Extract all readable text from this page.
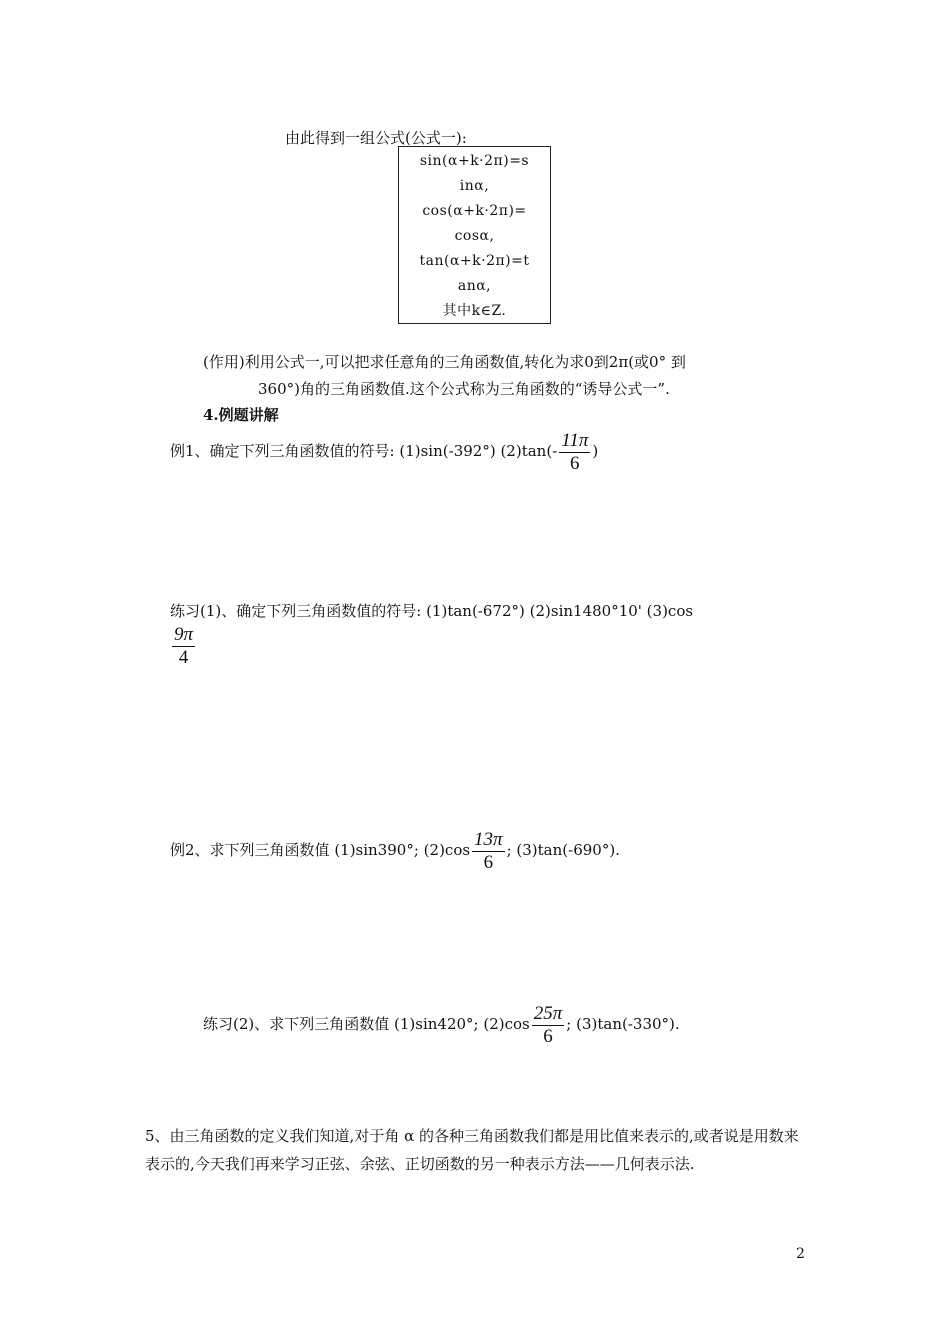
由此得到一组公式(公式一):
sin(α+k·2π)=s
inα,
cos(α+k·2π)=
cosα,
tan(α+k·2π)=t
anα,
其中k∈Z.
(作用)利用公式一,可以把求任意角的三角函数值,转化为求0到2π(或0° 到
360°)角的三角函数值.这个公式称为三角函数的“诱导公式一”.
4.例题讲解
例1、确定下列三角函数值的符号: (1)sin(-392°) $(2)\tan(- \frac{11\pi}{6}$ )
练习(1)、确定下列三角函数值的符号: (1)tan(-672°) (2)sin1480°10' (3)cos
$\frac{9\pi}{4}$
例2、求下列三角函数值 (1)sin390°; $(2)\cos \frac{13\pi}{6}$ ; (3)tan(-690°).
练习(2)、求下列三角函数值 (1)sin420°; $(2)\cos \frac{25\pi}{6}$ ; (3)tan(-330°).
5、由三角函数的定义我们知道,对于角 α 的各种三角函数我们都是用比值来表示的,或者说是用数来表示的,今天我们再来学习正弦、余弦、正切函数的另一种表示方法——几何表示法.
2
